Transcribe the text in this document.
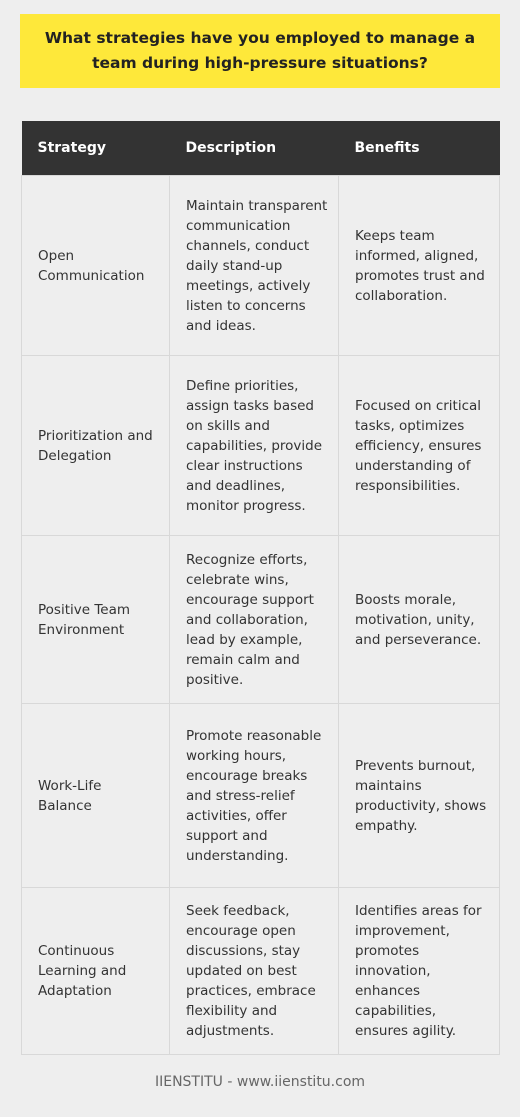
What strategies have you employed to manage a team during high-pressure situations?
Strategy	Description	Benefits
Open Communication	Maintain transparent communication channels, conduct daily stand-up meetings, actively listen to concerns and ideas.	Keeps team informed, aligned, promotes trust and collaboration.
Prioritization and Delegation	Define priorities, assign tasks based on skills and capabilities, provide clear instructions and deadlines, monitor progress.	Focused on critical tasks, optimizes efficiency, ensures understanding of responsibilities.
Positive Team Environment	Recognize efforts, celebrate wins, encourage support and collaboration, lead by example, remain calm and positive.	Boosts morale, motivation, unity, and perseverance.
Work-Life Balance	Promote reasonable working hours, encourage breaks and stress-relief activities, offer support and understanding.	Prevents burnout, maintains productivity, shows empathy.
Continuous Learning and Adaptation	Seek feedback, encourage open discussions, stay updated on best practices, embrace flexibility and adjustments.	Identifies areas for improvement, promotes innovation, enhances capabilities, ensures agility.
IIENSTITU - www.iienstitu.com
